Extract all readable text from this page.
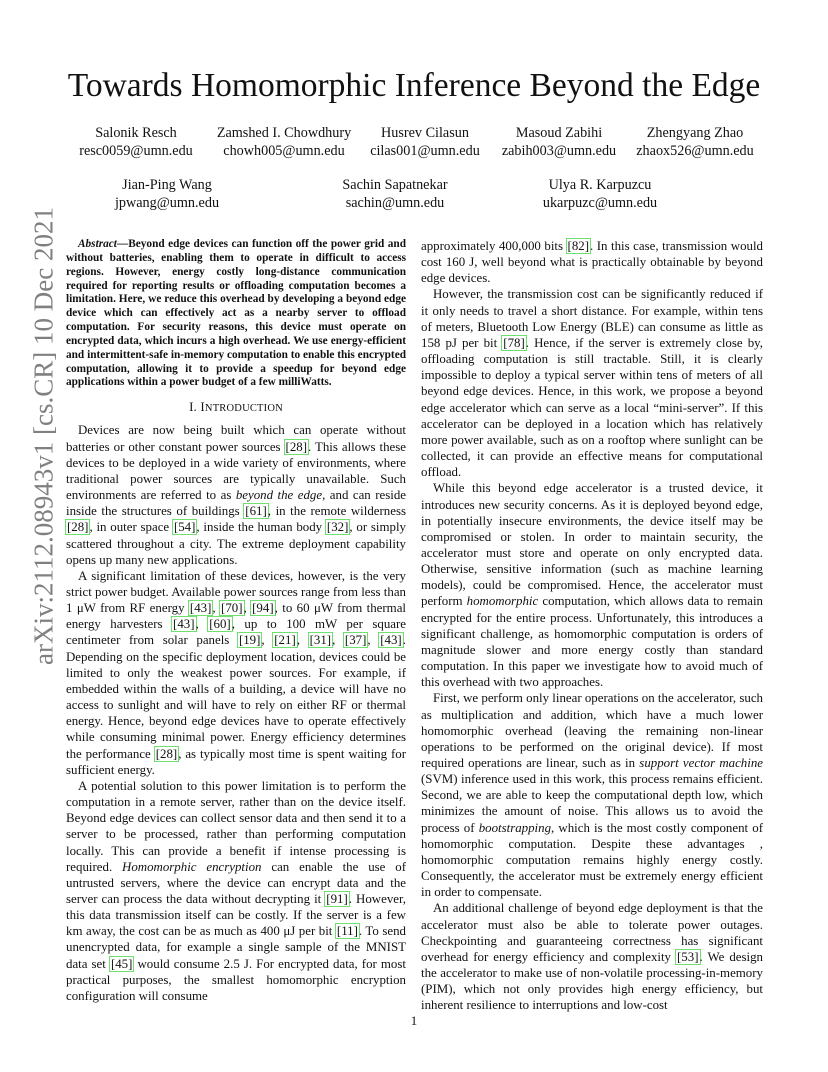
arXiv:2112.08943v1 [cs.CR] 10 Dec 2021
Towards Homomorphic Inference Beyond the Edge
Salonik Resch
resc0059@umn.edu
Zamshed I. Chowdhury
chowh005@umn.edu
Husrev Cilasun
cilas001@umn.edu
Masoud Zabihi
zabih003@umn.edu
Zhengyang Zhao
zhaox526@umn.edu
Jian-Ping Wang
jpwang@umn.edu
Sachin Sapatnekar
sachin@umn.edu
Ulya R. Karpuzcu
ukarpuzc@umn.edu

Abstract—Beyond edge devices can function off the power grid and without batteries, enabling them to operate in difficult to access regions. However, energy costly long-distance communication required for reporting results or offloading computation becomes a limitation. Here, we reduce this overhead by developing a beyond edge device which can effectively act as a nearby server to offload computation. For security reasons, this device must operate on encrypted data, which incurs a high overhead. We use energy-efficient and intermittent-safe in-memory computation to enable this encrypted computation, allowing it to provide a speedup for beyond edge applications within a power budget of a few milliWatts.

I. INTRODUCTION

Devices are now being built which can operate without batteries or other constant power sources [28]. This allows these devices to be deployed in a wide variety of environments, where traditional power sources are typically unavailable. Such environments are referred to as beyond the edge, and can reside inside the structures of buildings [61], in the remote wilderness [28], in outer space [54], inside the human body [32], or simply scattered throughout a city. The extreme deployment capability opens up many new applications.

A significant limitation of these devices, however, is the very strict power budget. Available power sources range from less than 1 μW from RF energy [43], [70], [94], to 60 μW from thermal energy harvesters [43], [60], up to 100 mW per square centimeter from solar panels [19], [21], [31], [37], [43]. Depending on the specific deployment location, devices could be limited to only the weakest power sources. For example, if embedded within the walls of a building, a device will have no access to sunlight and will have to rely on either RF or thermal energy. Hence, beyond edge devices have to operate effectively while consuming minimal power. Energy efficiency determines the performance [28], as typically most time is spent waiting for sufficient energy.

A potential solution to this power limitation is to perform the computation in a remote server, rather than on the device itself. Beyond edge devices can collect sensor data and then send it to a server to be processed, rather than performing computation locally. This can provide a benefit if intense processing is required. Homomorphic encryption can enable the use of untrusted servers, where the device can encrypt data and the server can process the data without decrypting it [91]. However, this data transmission itself can be costly. If the server is a few km away, the cost can be as much as 400 μJ per bit [11]. To send unencrypted data, for example a single sample of the MNIST data set [45] would consume 2.5 J. For encrypted data, for most practical purposes, the smallest homomorphic encryption configuration will consume

approximately 400,000 bits [82]. In this case, transmission would cost 160 J, well beyond what is practically obtainable by beyond edge devices.

However, the transmission cost can be significantly reduced if it only needs to travel a short distance. For example, within tens of meters, Bluetooth Low Energy (BLE) can consume as little as 158 pJ per bit [78]. Hence, if the server is extremely close by, offloading computation is still tractable. Still, it is clearly impossible to deploy a typical server within tens of meters of all beyond edge devices. Hence, in this work, we propose a beyond edge accelerator which can serve as a local “mini-server”. If this accelerator can be deployed in a location which has relatively more power available, such as on a rooftop where sunlight can be collected, it can provide an effective means for computational offload.

While this beyond edge accelerator is a trusted device, it introduces new security concerns. As it is deployed beyond edge, in potentially insecure environments, the device itself may be compromised or stolen. In order to maintain security, the accelerator must store and operate on only encrypted data. Otherwise, sensitive information (such as machine learning models), could be compromised. Hence, the accelerator must perform homomorphic computation, which allows data to remain encrypted for the entire process. Unfortunately, this introduces a significant challenge, as homomorphic computation is orders of magnitude slower and more energy costly than standard computation. In this paper we investigate how to avoid much of this overhead with two approaches.

First, we perform only linear operations on the accelerator, such as multiplication and addition, which have a much lower homomorphic overhead (leaving the remaining non-linear operations to be performed on the original device). If most required operations are linear, such as in support vector machine (SVM) inference used in this work, this process remains efficient. Second, we are able to keep the computational depth low, which minimizes the amount of noise. This allows us to avoid the process of bootstrapping, which is the most costly component of homomorphic computation. Despite these advantages , homomorphic computation remains highly energy costly. Consequently, the accelerator must be extremely energy efficient in order to compensate.

An additional challenge of beyond edge deployment is that the accelerator must also be able to tolerate power outages. Checkpointing and guaranteeing correctness has significant overhead for energy efficiency and complexity [53]. We design the accelerator to make use of non-volatile processing-in-memory (PIM), which not only provides high energy efficiency, but inherent resilience to interruptions and low-cost

1
